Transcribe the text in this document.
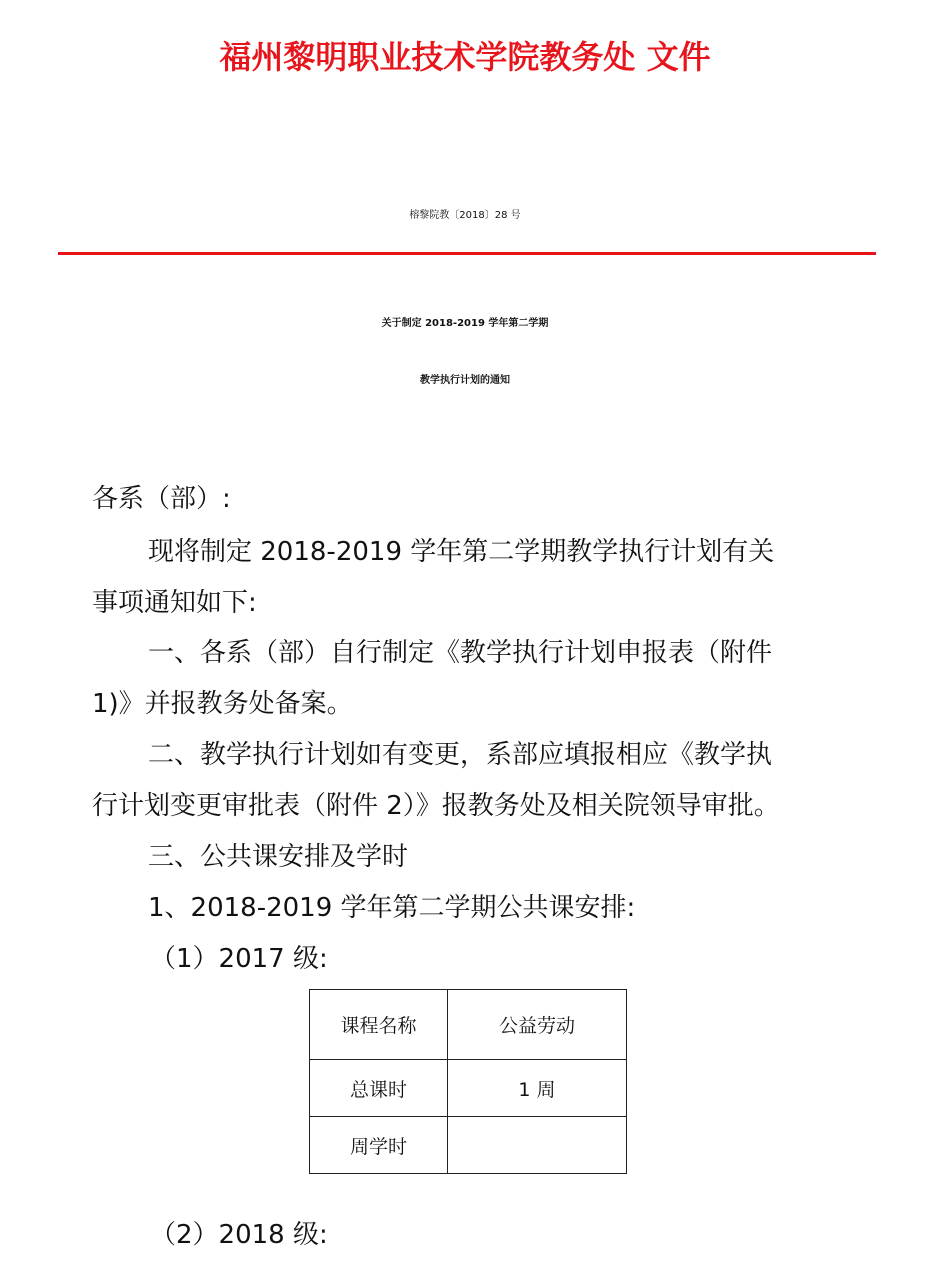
福州黎明职业技术学院教务处 文件
榕黎院教〔2018〕28 号
关于制定 2018-2019 学年第二学期
教学执行计划的通知
各系（部）:
现将制定 2018-2019 学年第二学期教学执行计划有关
事项通知如下:
一、各系（部）自行制定《教学执行计划申报表（附件
1)》并报教务处备案。
二、教学执行计划如有变更，系部应填报相应《教学执
行计划变更审批表（附件 2）》报教务处及相关院领导审批。
三、公共课安排及学时
1、2018-2019 学年第二学期公共课安排:
（1）2017 级:
课程名称	公益劳动
总课时	1 周
周学时	
（2）2018 级:
